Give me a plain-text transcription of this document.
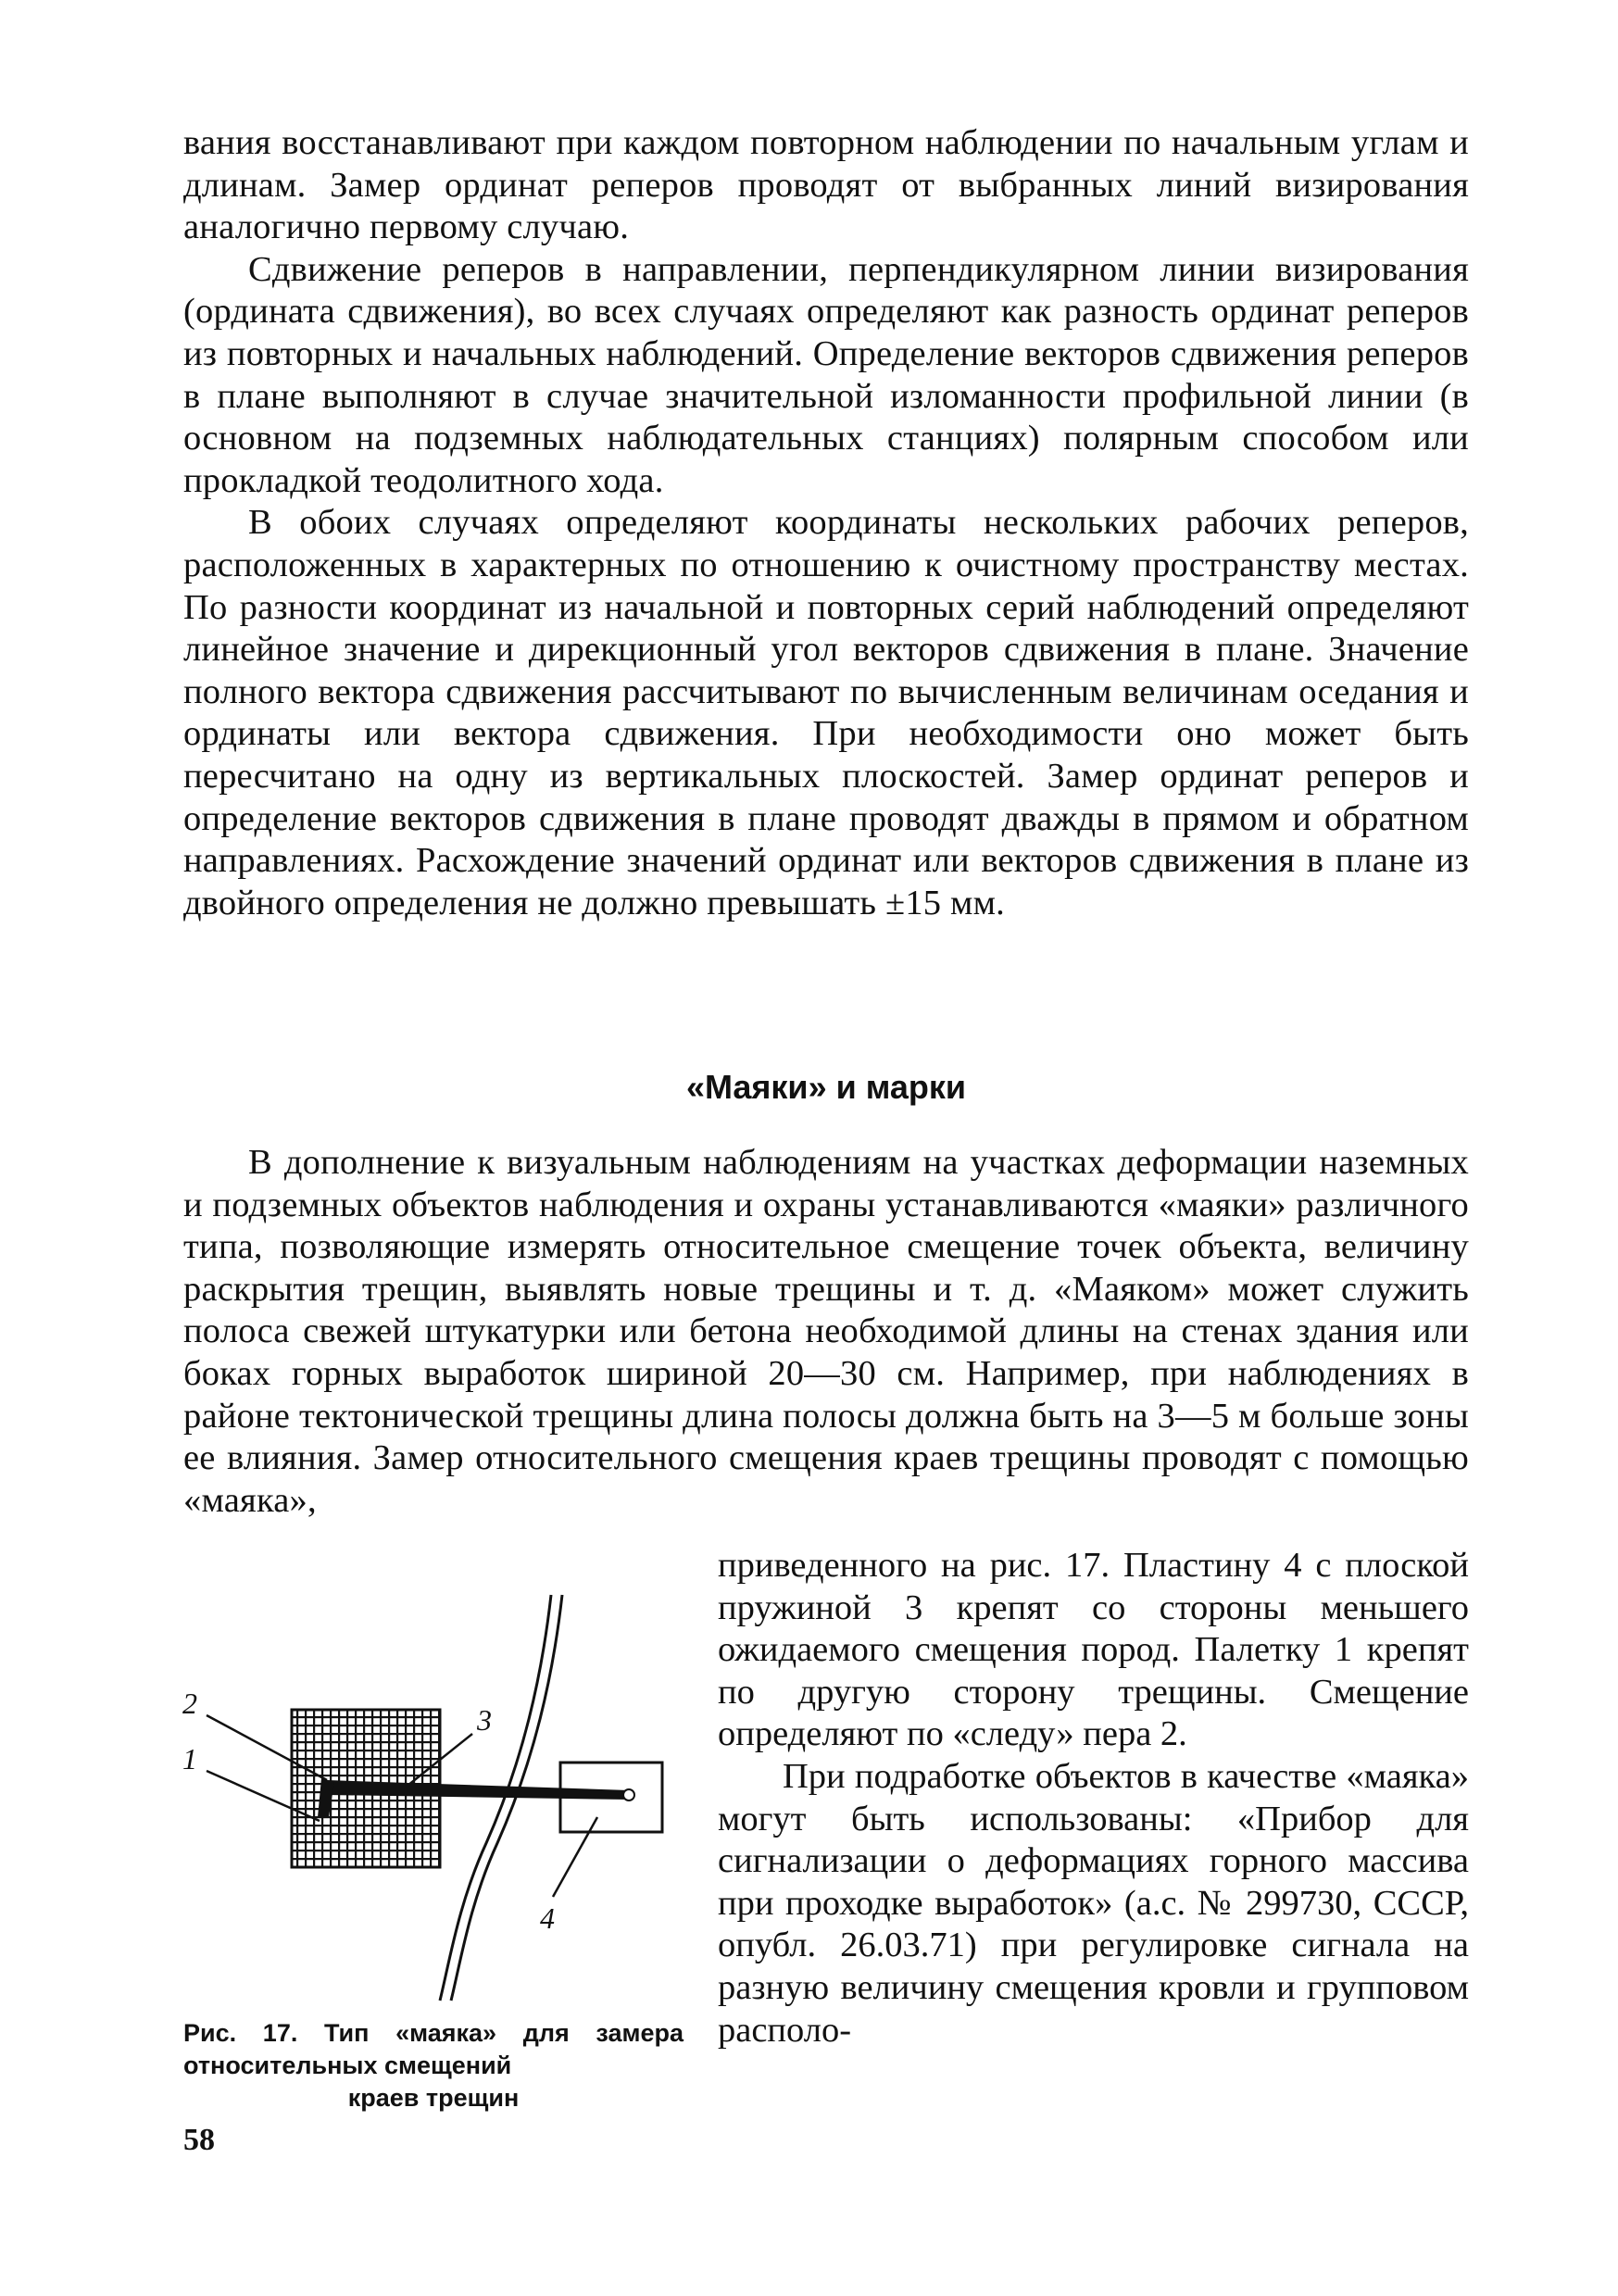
вания восстанавливают при каждом повторном наблюдении по начальным углам и длинам. Замер ординат реперов проводят от выбранных линий визирования аналогично первому случаю.

Сдвижение реперов в направлении, перпендикулярном линии визирования (ордината сдвижения), во всех случаях определяют как разность ординат реперов из повторных и начальных наблюдений. Определение векторов сдвижения реперов в плане выполняют в случае значительной изломанности профильной линии (в основном на подземных наблюдательных станциях) полярным способом или прокладкой теодолитного хода.

В обоих случаях определяют координаты нескольких рабочих реперов, расположенных в характерных по отношению к очистному пространству местах. По разности координат из начальной и повторных серий наблюдений определяют линейное значение и дирекционный угол векторов сдвижения в плане. Значение полного вектора сдвижения рассчитывают по вычисленным величинам оседания и ординаты или вектора сдвижения. При необходимости оно может быть пересчитано на одну из вертикальных плоскостей. Замер ординат реперов и определение векторов сдвижения в плане проводят дважды в прямом и обратном направлениях. Расхождение значений ординат или векторов сдвижения в плане из двойного определения не должно превышать ±15 мм.

«Маяки» и марки

В дополнение к визуальным наблюдениям на участках деформации наземных и подземных объектов наблюдения и охраны устанавливаются «маяки» различного типа, позволяющие измерять относительное смещение точек объекта, величину раскрытия трещин, выявлять новые трещины и т. д. «Маяком» может служить полоса свежей штукатурки или бетона необходимой длины на стенах здания или боках горных выработок шириной 20—30 см. Например, при наблюдениях в районе тектонической трещины длина полосы должна быть на 3—5 м больше зоны ее влияния. Замер относительного смещения краев трещины проводят с помощью «маяка»,

приведенного на рис. 17. Пластину 4 с плоской пружиной 3 крепят со стороны меньшего ожидаемого смещения пород. Палетку 1 крепят по другую сторону трещины. Смещение определяют по «следу» пера 2.

При подработке объектов в качестве «маяка» могут быть использованы: «Прибор для сигнализации о деформациях горного массива при проходке выработок» (а.с. № 299730, СССР, опубл. 26.03.71) при регулировке сигнала на разную величину смещения кровли и групповом располо-

2
1
3
4
Рис. 17. Тип «маяка» для замера относительных смещений
краев трещин
58
